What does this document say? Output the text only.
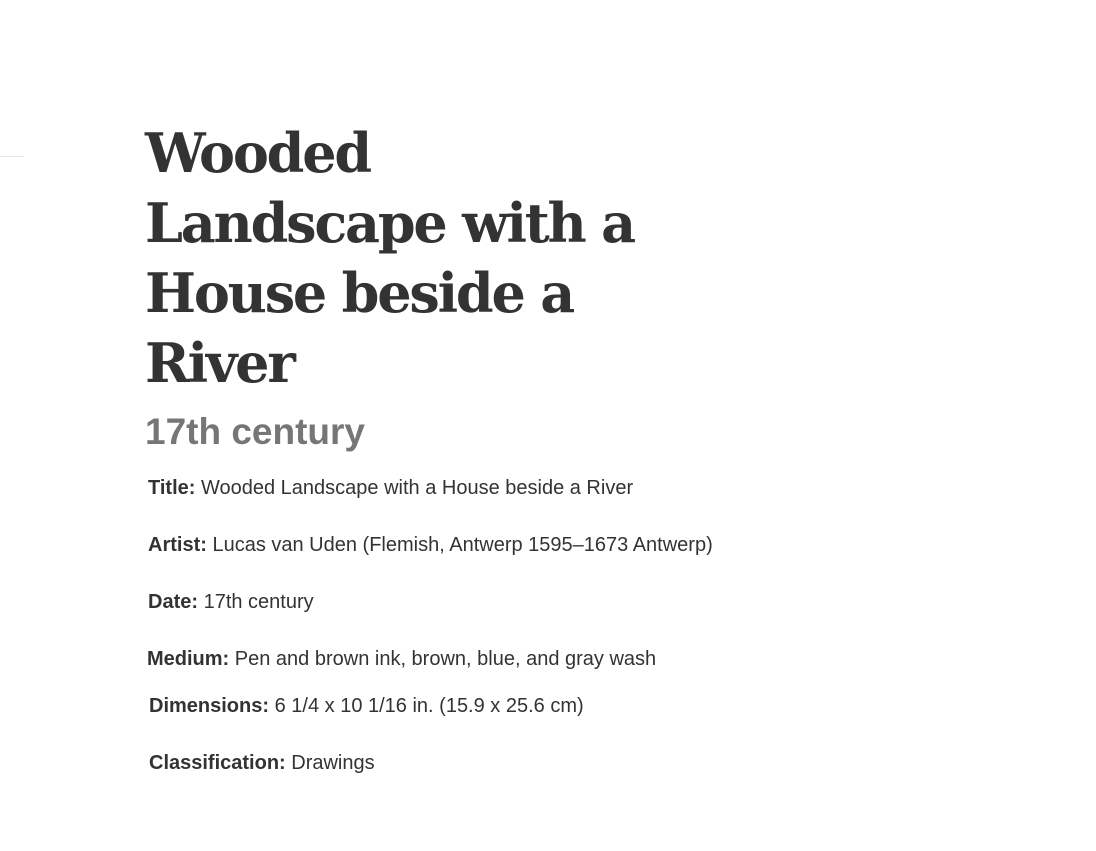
Wooded Landscape with a House beside a River
17th century

Title: Wooded Landscape with a House beside a River

Artist: Lucas van Uden (Flemish, Antwerp 1595–1673 Antwerp)

Date: 17th century

Medium: Pen and brown ink, brown, blue, and gray wash

Dimensions: 6 1/4 x 10 1/16 in. (15.9 x 25.6 cm)

Classification: Drawings
